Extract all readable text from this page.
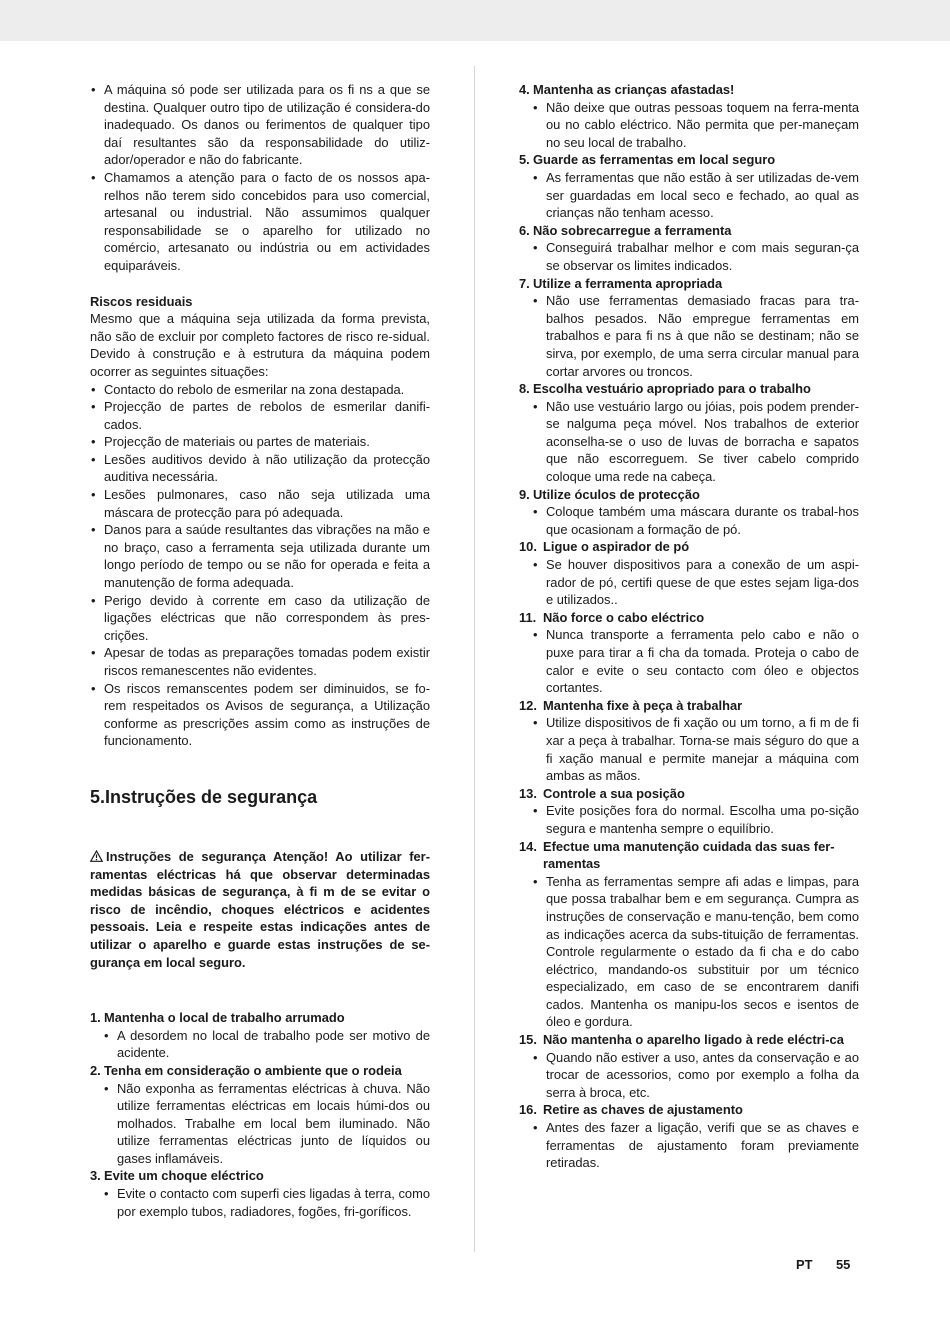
• A máquina só pode ser utilizada para os fi ns a que se destina. Qualquer outro tipo de utilização é considera-do inadequado. Os danos ou ferimentos de qualquer tipo daí resultantes são da responsabilidade do utiliz-ador/operador e não do fabricante.
• Chamamos a atenção para o facto de os nossos apa-relhos não terem sido concebidos para uso comercial, artesanal ou industrial. Não assumimos qualquer responsabilidade se o aparelho for utilizado no comércio, artesanato ou indústria ou em actividades equiparáveis.

Riscos residuais

Mesmo que a máquina seja utilizada da forma prevista, não são de excluir por completo factores de risco re-sidual. Devido à construção e à estrutura da máquina podem ocorrer as seguintes situações:

• Contacto do rebolo de esmerilar na zona destapada.
• Projecção de partes de rebolos de esmerilar danifi-cados.
• Projecção de materiais ou partes de materiais.
• Lesões auditivos devido à não utilização da protecção auditiva necessária.
• Lesões pulmonares, caso não seja utilizada uma máscara de protecção para pó adequada.
• Danos para a saúde resultantes das vibrações na mão e no braço, caso a ferramenta seja utilizada durante um longo período de tempo ou se não for operada e feita a manutenção de forma adequada.
• Perigo devido à corrente em caso da utilização de ligações eléctricas que não correspondem às pres-crições.
• Apesar de todas as preparações tomadas podem existir riscos remanescentes não evidentes.
• Os riscos remanscentes podem ser diminuidos, se fo-rem respeitados os Avisos de segurança, a Utilização conforme as prescrições assim como as instruções de funcionamento.
5.Instruções de segurança

Instruções de segurança Atenção! Ao utilizar fer-ramentas eléctricas há que observar determinadas medidas básicas de segurança, à fi m de se evitar o risco de incêndio, choques eléctricos e acidentes pessoais. Leia e respeite estas indicações antes de utilizar o aparelho e guarde estas instruções de se-gurança em local seguro.

1. Mantenha o local de trabalho arrumado
• A desordem no local de trabalho pode ser motivo de acidente.
2. Tenha em consideração o ambiente que o rodeia
• Não exponha as ferramentas eléctricas à chuva. Não utilize ferramentas eléctricas em locais húmi-dos ou molhados. Trabalhe em local bem iluminado. Não utilize ferramentas eléctricas junto de líquidos ou gases inflamáveis.
3. Evite um choque eléctrico
• Evite o contacto com superfi cies ligadas à terra, como por exemplo tubos, radiadores, fogões, fri-goríficos.
4. Mantenha as crianças afastadas!
• Não deixe que outras pessoas toquem na ferra-menta ou no cablo eléctrico. Não permita que per-maneçam no seu local de trabalho.
5. Guarde as ferramentas em local seguro
• As ferramentas que não estão à ser utilizadas de-vem ser guardadas em local seco e fechado, ao qual as crianças não tenham acesso.
6. Não sobrecarregue a ferramenta
• Conseguirá trabalhar melhor e com mais seguran-ça se observar os limites indicados.
7. Utilize a ferramenta apropriada
• Não use ferramentas demasiado fracas para tra-balhos pesados. Não empregue ferramentas em trabalhos e para fi ns à que não se destinam; não se sirva, por exemplo, de uma serra circular manual para cortar arvores ou troncos.
8. Escolha vestuário apropriado para o trabalho
• Não use vestuário largo ou jóias, pois podem prender-se nalguma peça móvel. Nos trabalhos de exterior aconselha-se o uso de luvas de borracha e sapatos que não escorreguem. Se tiver cabelo comprido coloque uma rede na cabeça.
9. Utilize óculos de protecção
• Coloque também uma máscara durante os trabal-hos que ocasionam a formação de pó.
10. Ligue o aspirador de pó
• Se houver dispositivos para a conexão de um aspi-rador de pó, certifi quese de que estes sejam liga-dos e utilizados..
11. Não force o cabo eléctrico
• Nunca transporte a ferramenta pelo cabo e não o puxe para tirar a fi cha da tomada. Proteja o cabo de calor e evite o seu contacto com óleo e objectos cortantes.
12. Mantenha fixe à peça à trabalhar
• Utilize dispositivos de fi xação ou um torno, a fi m de fi xar a peça à trabalhar. Torna-se mais séguro do que a fi xação manual e permite manejar a máquina com ambas as mãos.
13. Controle a sua posição
• Evite posições fora do normal. Escolha uma po-sição segura e mantenha sempre o equilíbrio.
14. Efectue uma manutenção cuidada das suas fer-ramentas
• Tenha as ferramentas sempre afi adas e limpas, para que possa trabalhar bem e em segurança. Cumpra as instruções de conservação e manu-tenção, bem como as indicações acerca da subs-tituição de ferramentas. Controle regularmente o estado da fi cha e do cabo eléctrico, mandando-os substituir por um técnico especializado, em caso de se encontrarem danifi cados. Mantenha os manipu-los secos e isentos de óleo e gordura.
15. Não mantenha o aparelho ligado à rede eléctri-ca
• Quando não estiver a uso, antes da conservação e ao trocar de acessorios, como por exemplo a folha da serra à broca, etc.
16. Retire as chaves de ajustamento
• Antes des fazer a ligação, verifi que se as chaves e ferramentas de ajustamento foram previamente retiradas.
PT 55
